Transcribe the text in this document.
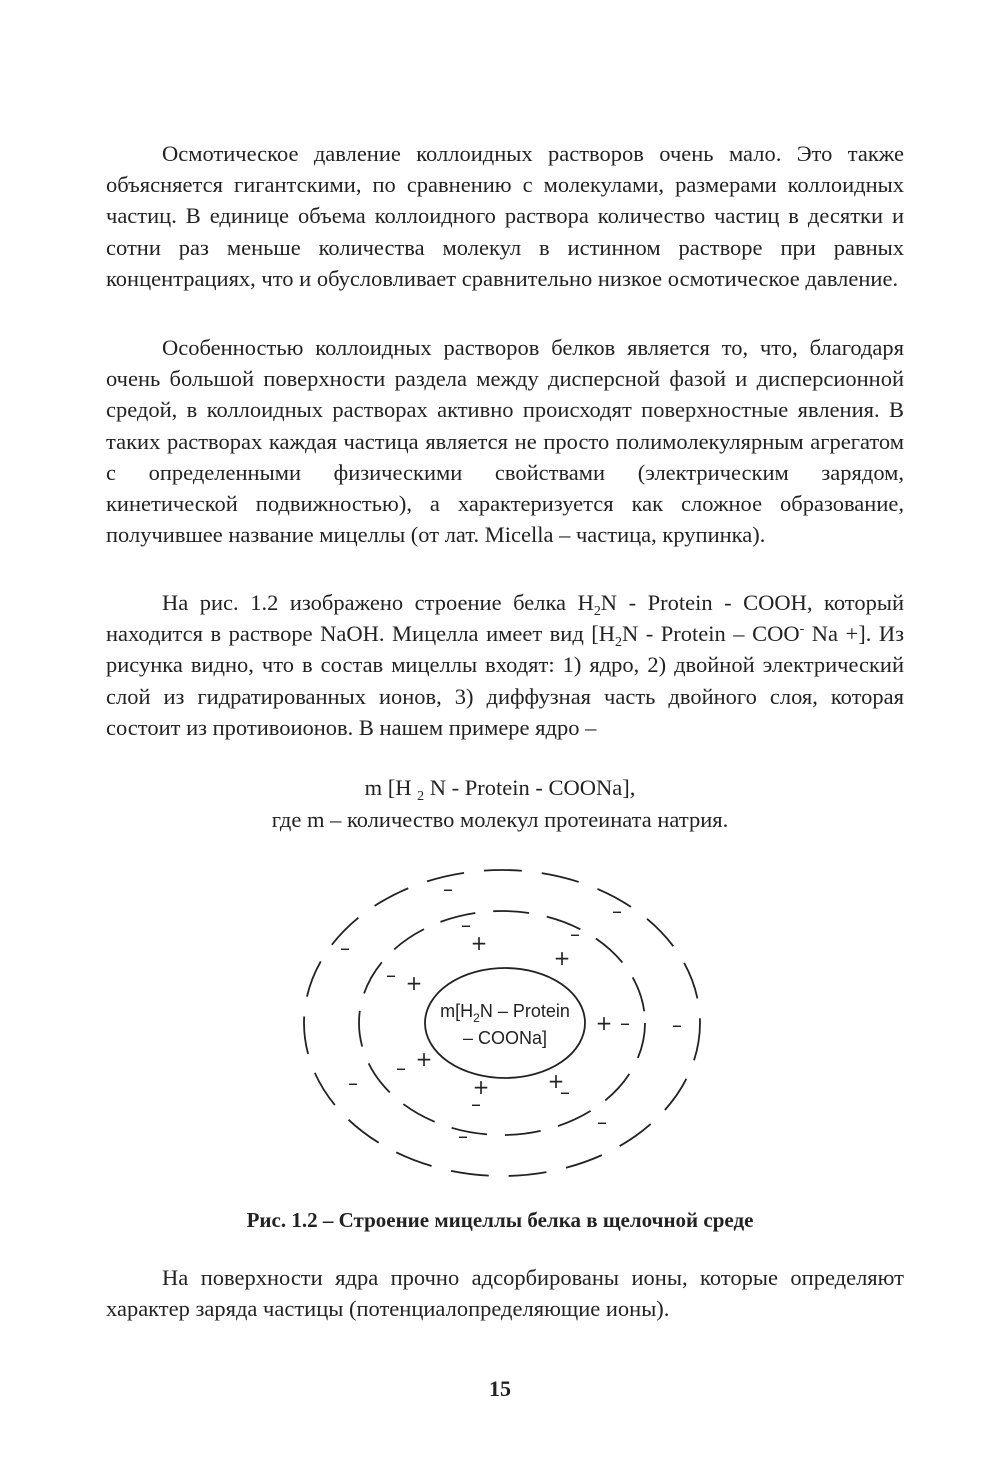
Осмотическое давление коллоидных растворов очень мало. Это также объясняется гигантскими, по сравнению с молекулами, размерами коллоидных частиц. В единице объема коллоидного раствора количество частиц в десятки и сотни раз меньше количества молекул в истинном растворе при равных концентрациях, что и обусловливает сравнительно низкое осмотическое давление.

Особенностью коллоидных растворов белков является то, что, благодаря очень большой поверхности раздела между дисперсной фазой и дисперсионной средой, в коллоидных растворах активно происходят поверхностные явления. В таких растворах каждая частица является не просто полимолекулярным агрегатом с определенными физическими свойствами (электрическим зарядом, кинетической подвижностью), а характеризуется как сложное образование, получившее название мицеллы (от лат. Micella – частица, крупинка).

На рис. 1.2 изображено строение белка $H_2N$ - Protein - COOH, который находится в растворе NaOH. Мицелла имеет вид [$H_2N$ - Protein – COO- Na +]. Из рисунка видно, что в состав мицеллы входят: 1) ядро, 2) двойной электрический слой из гидратированных ионов, 3) диффузная часть двойного слоя, которая состоит из противоионов. В нашем примере ядро –

m [H $_2$ N - Protein - COONa],

где m – количество молекул протеината натрия.

$m[H_2N$ – Protein
– COONa]
+
+
+
+
+
+	+
–
–
–	–
–
–
– –
–
–
–	–
–
–

Рис. 1.2 – Строение мицеллы белка в щелочной среде

На поверхности ядра прочно адсорбированы ионы, которые определяют характер заряда частицы (потенциалопределяющие ионы).

15
